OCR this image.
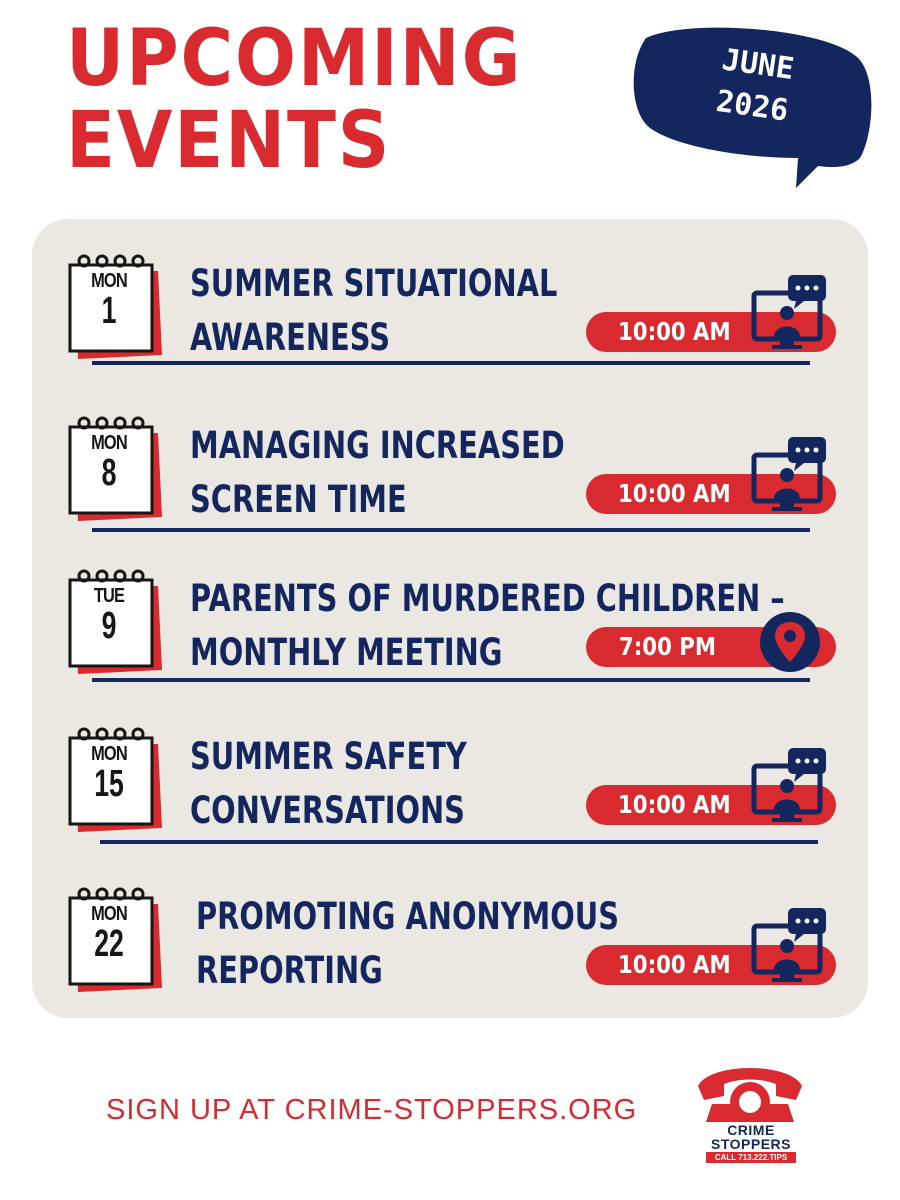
UPCOMING
EVENTS
JUNE
2026
MON
1
SUMMER SITUATIONAL
AWARENESS	10:00 AM
MON
8
MANAGING INCREASED
SCREEN TIME	10:00 AM
TUE
9
PARENTS OF MURDERED CHILDREN –
MONTHLY MEETING	7:00 PM
MON
15
SUMMER SAFETY
CONVERSATIONS	10:00 AM
MON
22
PROMOTING ANONYMOUS
REPORTING	10:00 AM
SIGN UP AT CRIME-STOPPERS.ORG
CRIME
STOPPERS
CALL 713.222.TIPS
